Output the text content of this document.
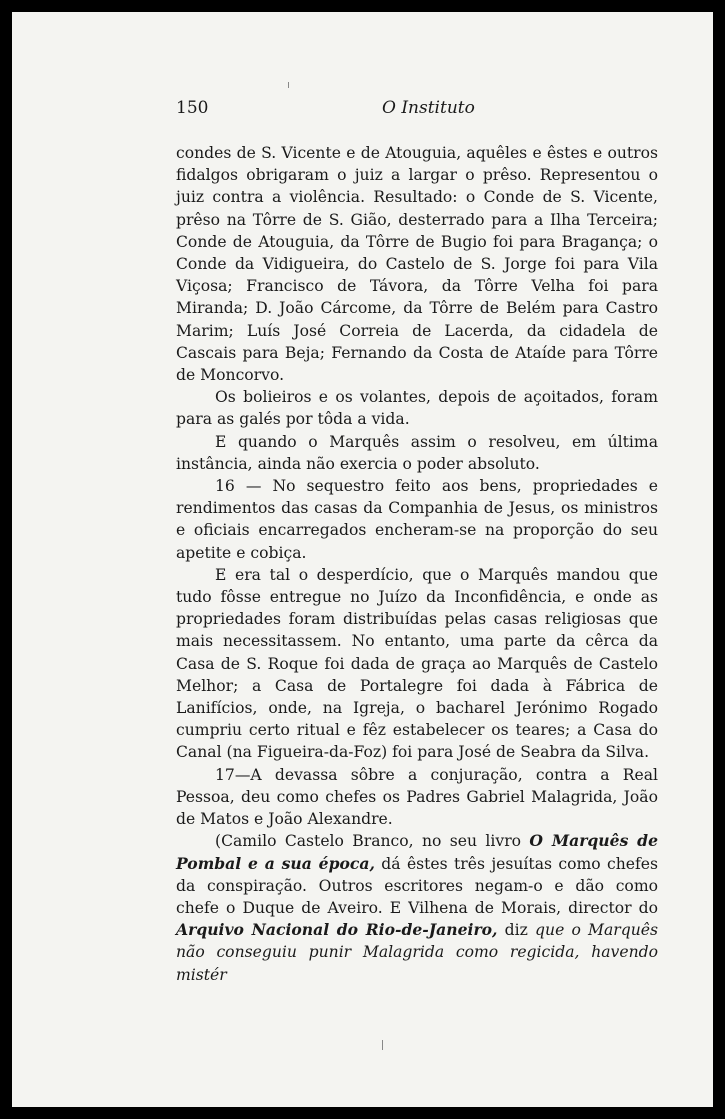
150	O Instituto

condes de S. Vicente e de Atouguia, aquêles e êstes e outros fidalgos obrigaram o juiz a largar o prêso. Representou o juiz contra a violência. Resultado: o Conde de S. Vicente, prêso na Tôrre de S. Gião, desterrado para a Ilha Terceira; Conde de Atouguia, da Tôrre de Bugio foi para Bragança; o Conde da Vidigueira, do Castelo de S. Jorge foi para Vila Viçosa; Francisco de Távora, da Tôrre Velha foi para Miranda; D. João Cárcome, da Tôrre de Belém para Castro Marim; Luís José Correia de Lacerda, da cidadela de Cascais para Beja; Fernando da Costa de Ataíde para Tôrre de Moncorvo.

Os bolieiros e os volantes, depois de açoitados, foram para as galés por tôda a vida.

E quando o Marquês assim o resolveu, em última instância, ainda não exercia o poder absoluto.

16 — No sequestro feito aos bens, propriedades e rendimentos das casas da Companhia de Jesus, os ministros e oficiais encarregados encheram-se na proporção do seu apetite e cobiça.

E era tal o desperdício, que o Marquês mandou que tudo fôsse entregue no Juízo da Inconfidência, e onde as propriedades foram distribuídas pelas casas religiosas que mais necessitassem. No entanto, uma parte da cêrca da Casa de S. Roque foi dada de graça ao Marquês de Castelo Melhor; a Casa de Portalegre foi dada à Fábrica de Lanifícios, onde, na Igreja, o bacharel Jerónimo Rogado cumpriu certo ritual e fêz estabelecer os teares; a Casa do Canal (na Figueira-da-Foz) foi para José de Seabra da Silva.

17—A devassa sôbre a conjuração, contra a Real Pessoa, deu como chefes os Padres Gabriel Malagrida, João de Matos e João Alexandre.

(Camilo Castelo Branco, no seu livro O Marquês de Pombal e a sua época, dá êstes três jesuítas como chefes da conspiração. Outros escritores negam-o e dão como chefe o Duque de Aveiro. E Vilhena de Morais, director do Arquivo Nacional do Rio-de-Janeiro, diz que o Marquês não conseguiu punir Malagrida como regicida, havendo mistér
